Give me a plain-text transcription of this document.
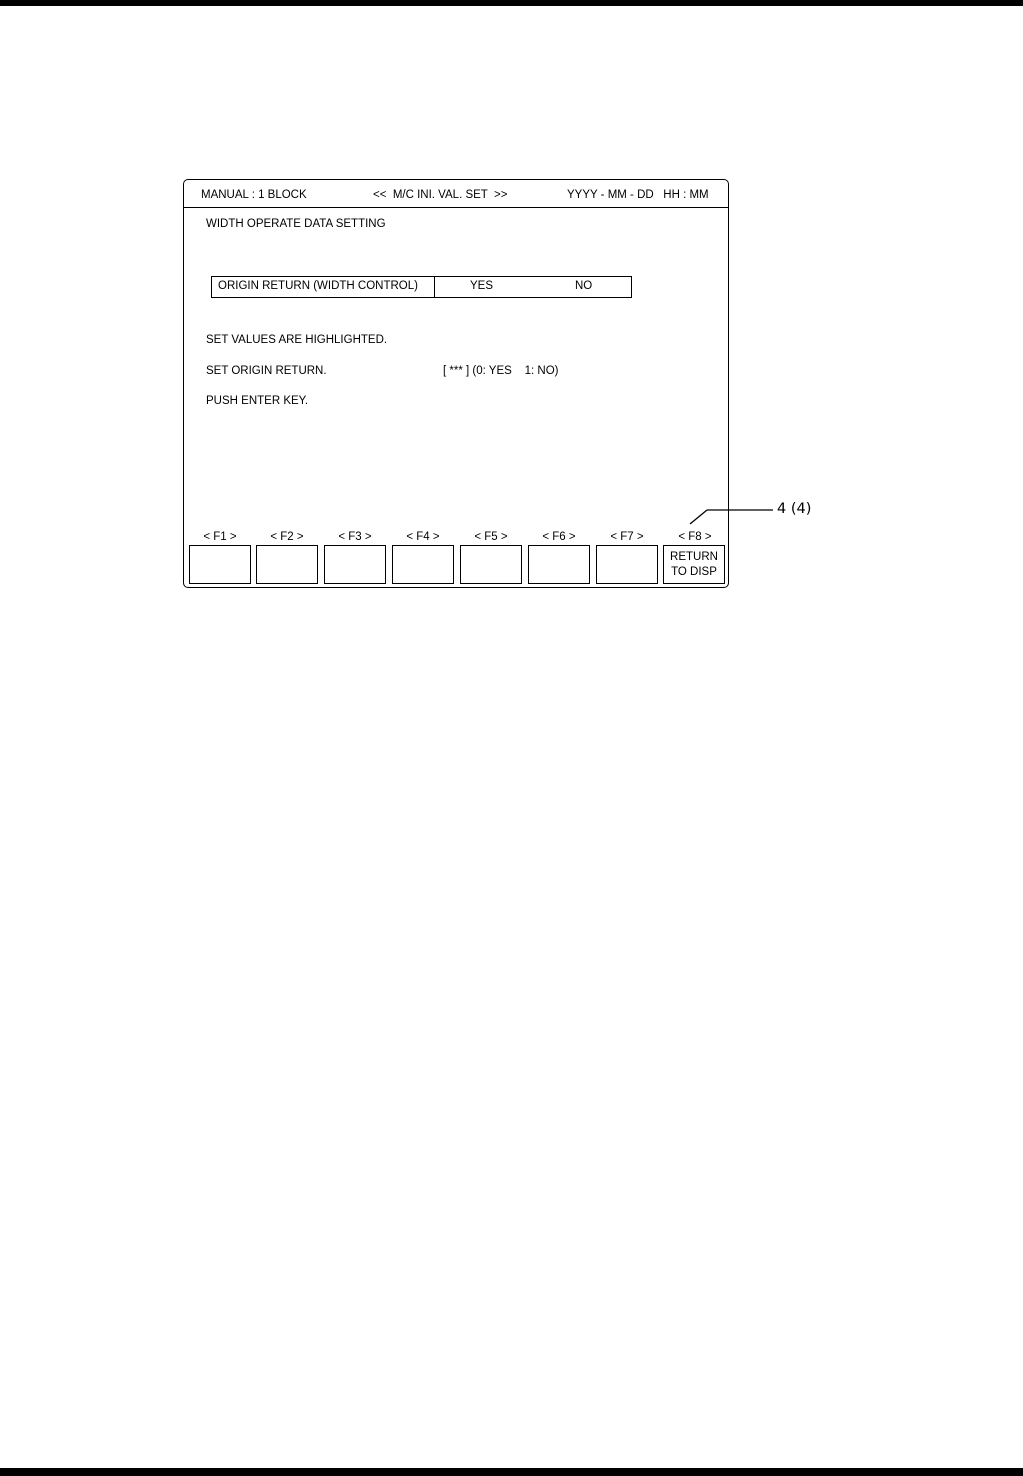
MANUAL : 1 BLOCK	<<  M/C INI. VAL. SET  >>	YYYY - MM - DD   HH : MM
WIDTH OPERATE DATA SETTING
ORIGIN RETURN (WIDTH CONTROL)	YES	NO
SET VALUES ARE HIGHLIGHTED.
SET ORIGIN RETURN.	[ *** ] (0: YES    1: NO)
PUSH ENTER KEY.
< F1 >	< F2 >	< F3 >	< F4 >	< F5 >	< F6 >	< F7 >	< F8 >
RETURN
TO DISP
4 (4)
